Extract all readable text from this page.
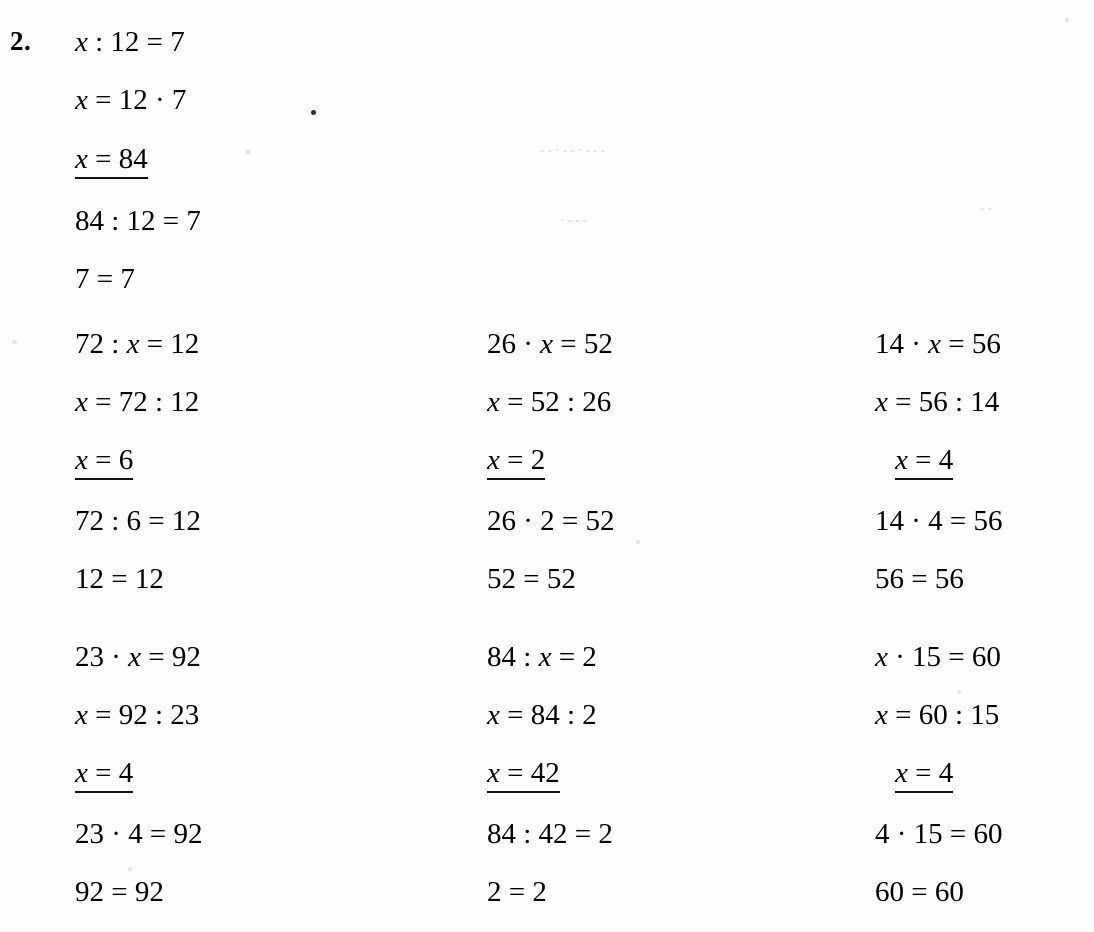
- - · - - · - - -
· - - -
- -
2. x : 12 = 7
x = 12 · 7
x = 84
84 : 12 = 7
7 = 7
72 : x = 12
x = 72 : 12
x = 6
72 : 6 = 12
12 = 12
26 · x = 52
x = 52 : 26
x = 2
26 · 2 = 52
52 = 52
14 · x = 56
x = 56 : 14
x = 4
14 · 4 = 56
56 = 56
23 · x = 92
x = 92 : 23
x = 4
23 · 4 = 92
92 = 92
84 : x = 2
x = 84 : 2
x = 42
84 : 42 = 2
2 = 2
x · 15 = 60
x = 60 : 15
x = 4
4 · 15 = 60
60 = 60
